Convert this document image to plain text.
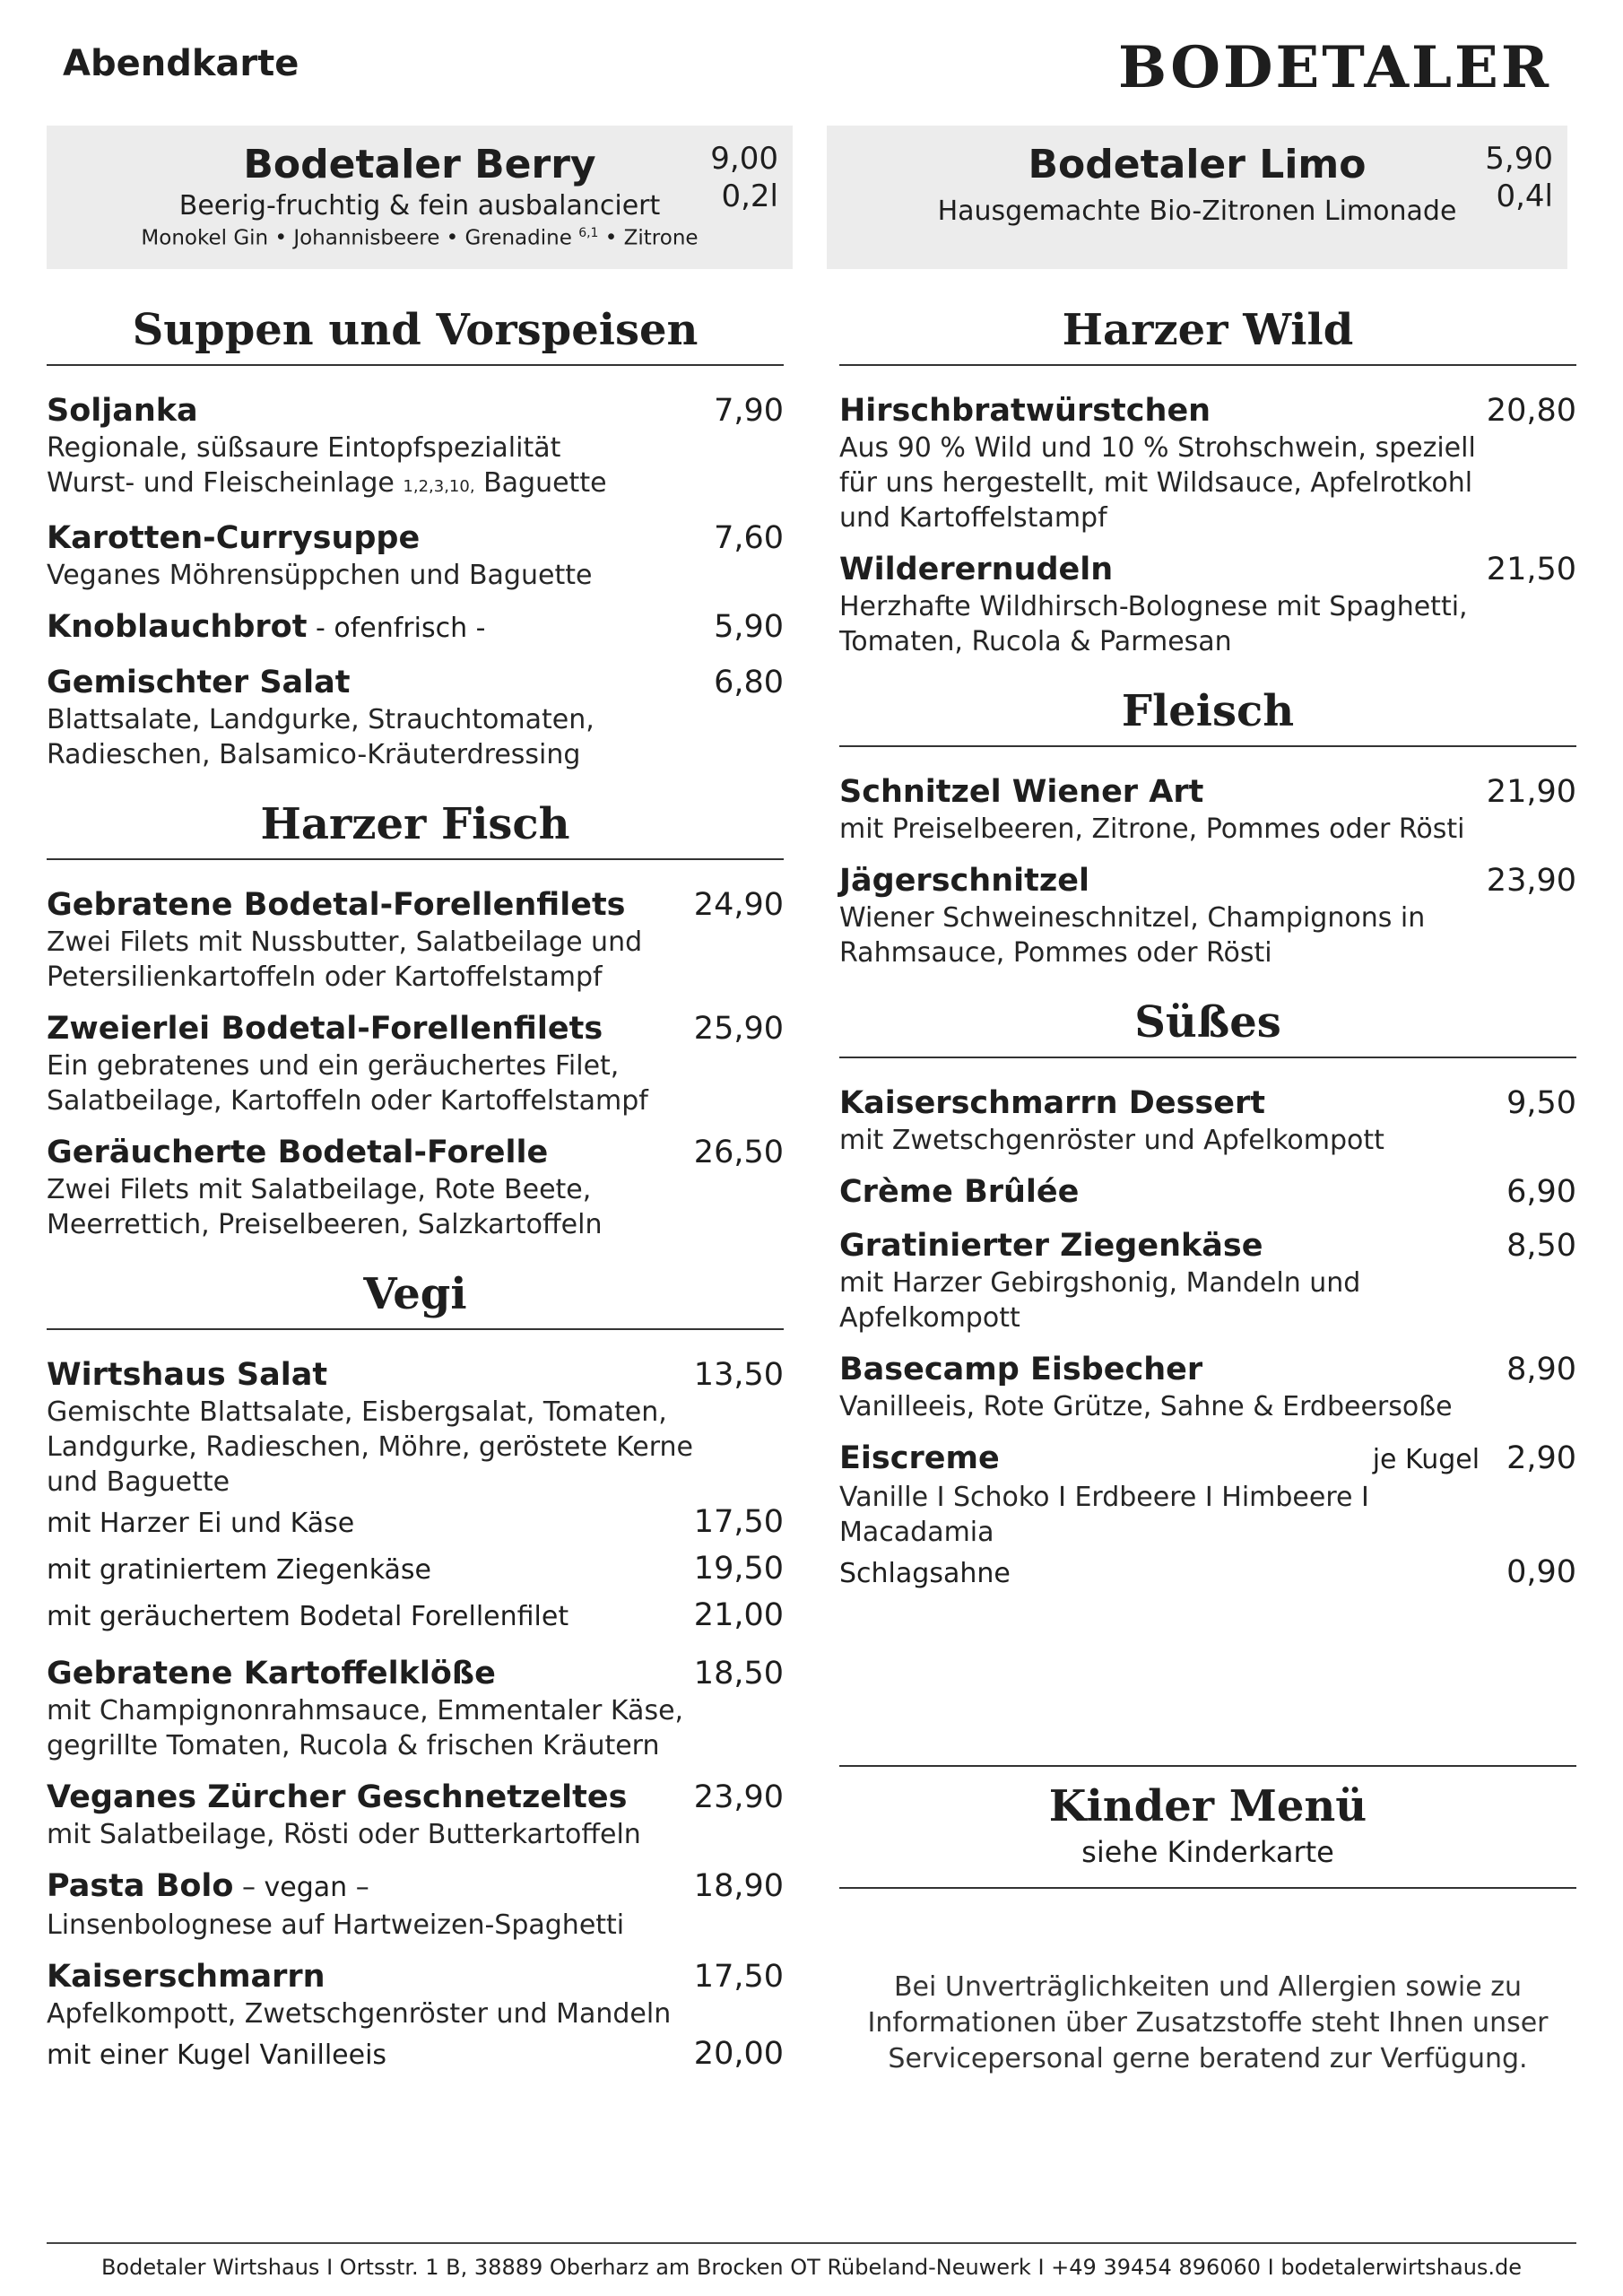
Abendkarte	BODETALER
Bodetaler Berry
Beerig-fruchtig & fein ausbalanciert
Monokel Gin • Johannisbeere • Grenadine $^{6,1}$ • Zitrone
9,00
0,2l
Bodetaler Limo
Hausgemachte Bio-Zitronen Limonade
5,90
0,4l
Suppen und Vorspeisen
Soljanka	7,90
Regionale, süßsaure Eintopfspezialität
Wurst- und Fleischeinlage 1,2,3,10, Baguette
Karotten-Currysuppe	7,60
Veganes Möhrensüppchen und Baguette
Knoblauchbrot - ofenfrisch -	5,90
Gemischter Salat	6,80
Blattsalate, Landgurke, Strauchtomaten, Radieschen, Balsamico-Kräuterdressing
Harzer Fisch
Gebratene Bodetal-Forellenfilets 24,90
Zwei Filets mit Nussbutter, Salatbeilage und Petersilienkartoffeln oder Kartoffelstampf
Zweierlei Bodetal-Forellenfilets	25,90
Ein gebratenes und ein geräuchertes Filet, Salatbeilage, Kartoffeln oder Kartoffelstampf
Geräucherte Bodetal-Forelle	26,50
Zwei Filets mit Salatbeilage, Rote Beete, Meerrettich, Preiselbeeren, Salzkartoffeln
Vegi
Wirtshaus Salat	13,50
Gemischte Blattsalate, Eisbergsalat, Tomaten, Landgurke, Radieschen, Möhre, geröstete Kerne und Baguette
mit Harzer Ei und Käse	17,50
mit gratiniertem Ziegenkäse	19,50
mit geräuchertem Bodetal Forellenfilet	21,00
Gebratene Kartoffelklöße	18,50
mit Champignonrahmsauce, Emmentaler Käse, gegrillte Tomaten, Rucola & frischen Kräutern
Veganes Zürcher Geschnetzeltes 23,90
mit Salatbeilage, Rösti oder Butterkartoffeln
Pasta Bolo – vegan –	18,90
Linsenbolognese auf Hartweizen-Spaghetti
Kaiserschmarrn	17,50
Apfelkompott, Zwetschgenröster und Mandeln
mit einer Kugel Vanilleeis	20,00
Harzer Wild
Hirschbratwürstchen	20,80
Aus 90 % Wild und 10 % Strohschwein, speziell für uns hergestellt, mit Wildsauce, Apfelrotkohl und Kartoffelstampf
Wilderernudeln	21,50
Herzhafte Wildhirsch-Bolognese mit Spaghetti, Tomaten, Rucola & Parmesan
Fleisch
Schnitzel Wiener Art	21,90
mit Preiselbeeren, Zitrone, Pommes oder Rösti
Jägerschnitzel	23,90
Wiener Schweineschnitzel, Champignons in Rahmsauce, Pommes oder Rösti
Süßes
Kaiserschmarrn Dessert	9,50
mit Zwetschgenröster und Apfelkompott
Crème Brûlée	6,90
Gratinierter Ziegenkäse	8,50
mit Harzer Gebirgshonig, Mandeln und Apfelkompott
Basecamp Eisbecher	8,90
Vanilleeis, Rote Grütze, Sahne & Erdbeersoße
Eiscreme	je Kugel 2,90
Vanille I Schoko I Erdbeere I Himbeere I Macadamia
Schlagsahne	0,90
Kinder Menü
siehe Kinderkarte
Bei Unverträglichkeiten und Allergien sowie zu Informationen über Zusatzstoffe steht Ihnen unser Servicepersonal gerne beratend zur Verfügung.
Bodetaler Wirtshaus I Ortsstr. 1 B, 38889 Oberharz am Brocken OT Rübeland-Neuwerk I +49 39454 896060 I bodetalerwirtshaus.de
